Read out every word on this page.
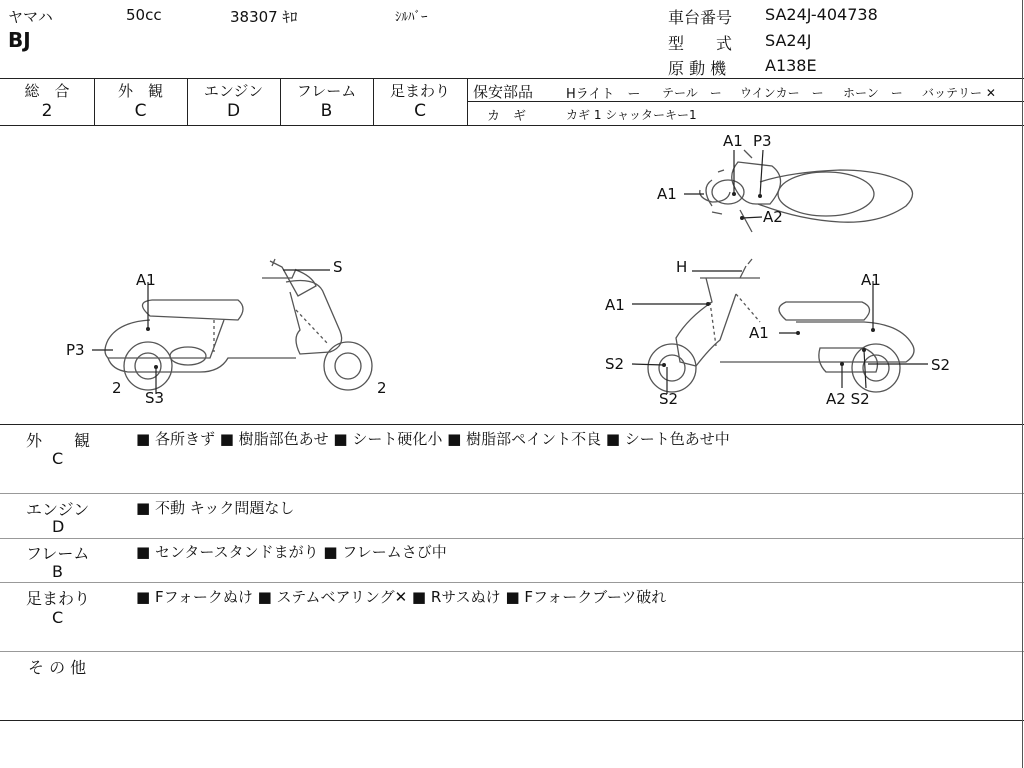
ヤマハ	50cc	38307 ｷﾛ	ｼﾙﾊﾞｰ
BJ
車台番号 SA24J-404738
型　　式 SA24J
原 動 機 A138E
総　合
2
外　観
C
エンジン
D
フレーム
B
足まわり
C
保安部品	Hライト　ー テール　ー ウインカー　ー ホーン　ー バッテリー ✕
カ　ギ	カギ 1 シャッターキー1
S
A1
P3
2
S3
2
A1 P3
A1
A2
H
A1
A1
A1
S2
S2
S2
A2 S2
外　　観
C
■ 各所きず ■ 樹脂部色あせ ■ シート硬化小 ■ 樹脂部ペイント不良 ■ シート色あせ中
エンジン
D
■ 不動 キック問題なし
フレーム
B
■ センタースタンドまがり ■ フレームさび中
足まわり
C
■ Fフォークぬけ ■ ステムベアリング✕ ■ Rサスぬけ ■ Fフォークブーツ破れ
そ の 他
